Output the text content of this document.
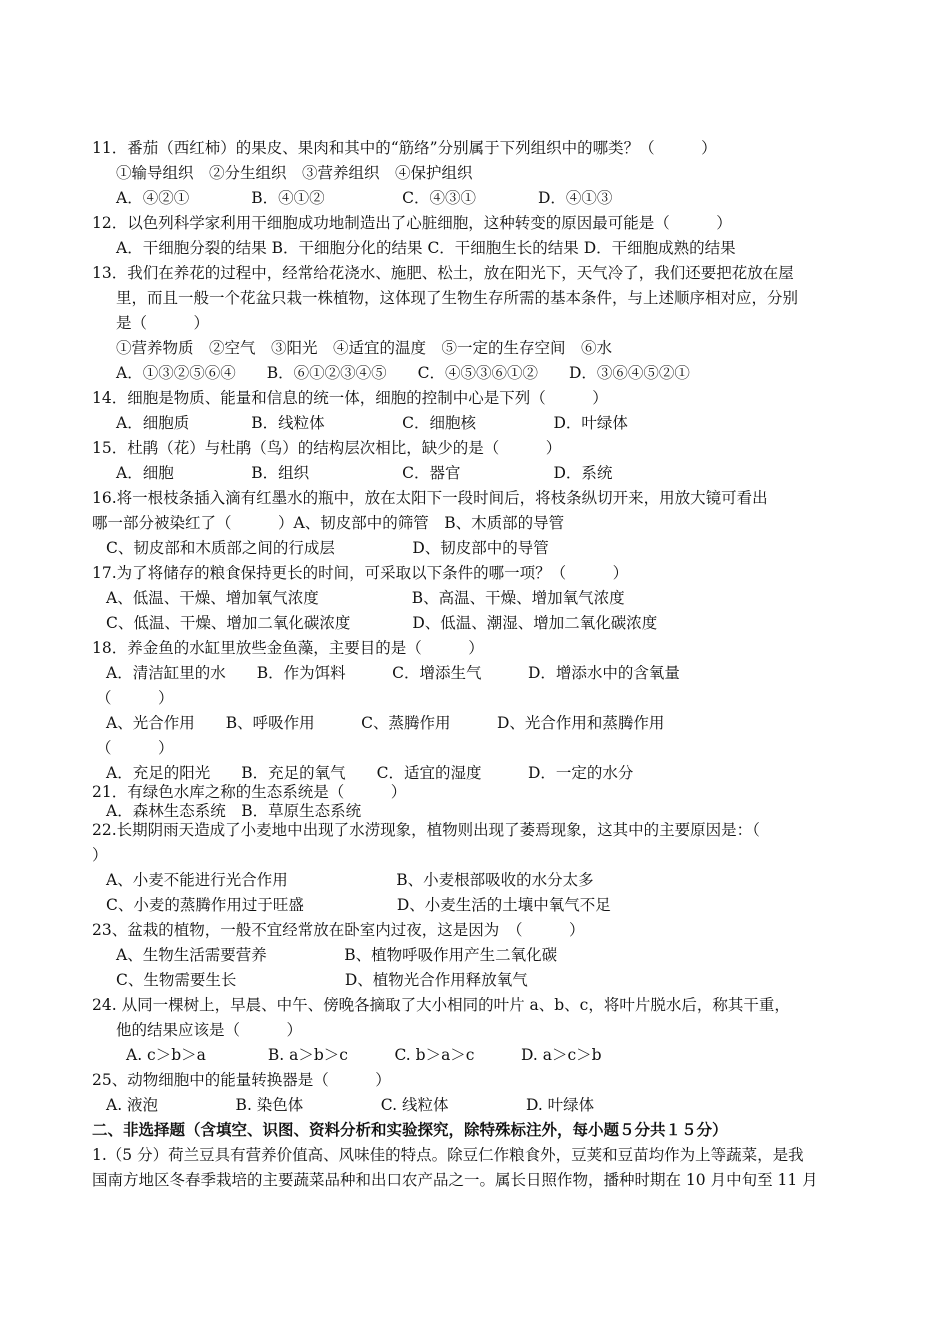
11．番茄（西红柿）的果皮、果肉和其中的“筋络”分别属于下列组织中的哪类？（　　　）
①输导组织　②分生组织　③营养组织　④保护组织
A．④②①　　　　B．④①②　　　　　C．④③①　　　　D．④①③
12．以色列科学家利用干细胞成功地制造出了心脏细胞，这种转变的原因最可能是（　　　）
A．干细胞分裂的结果 B．干细胞分化的结果 C．干细胞生长的结果 D．干细胞成熟的结果
13．我们在养花的过程中，经常给花浇水、施肥、松土，放在阳光下，天气冷了，我们还要把花放在屋
里，而且一般一个花盆只栽一株植物，这体现了生物生存所需的基本条件，与上述顺序相对应，分别
是（　　　）
①营养物质　②空气　③阳光　④适宜的温度　⑤一定的生存空间　⑥水
A．①③②⑤⑥④　　B．⑥①②③④⑤　　C．④⑤③⑥①②　　D．③⑥④⑤②①
14．细胞是物质、能量和信息的统一体，细胞的控制中心是下列（　　　）
A．细胞质　　　　B．线粒体　　　　　C．细胞核　　　　　D．叶绿体
15．杜鹃（花）与杜鹃（鸟）的结构层次相比，缺少的是（　　　）
A．细胞　　　　　B．组织　　　　　　C．器官　　　　　　D．系统
16.将一根枝条插入滴有红墨水的瓶中，放在太阳下一段时间后，将枝条纵切开来，用放大镜可看出
哪一部分被染红了（　　　）A、韧皮部中的筛管　B、木质部的导管
C、韧皮部和木质部之间的行成层　　　　　D、韧皮部中的导管
17.为了将储存的粮食保持更长的时间，可采取以下条件的哪一项？（　　　）
A、低温、干燥、增加氧气浓度　　　　　　B、高温、干燥、增加氧气浓度
C、低温、干燥、增加二氧化碳浓度　　　　D、低温、潮湿、增加二氧化碳浓度
18．养金鱼的水缸里放些金鱼藻，主要目的是（　　　）
A．清洁缸里的水　　B．作为饵料　　　C．增添生气　　　D．增添水中的含氧量
（　　　）
A、光合作用　　B、呼吸作用　　　C、蒸腾作用　　　D、光合作用和蒸腾作用
（　　　）
A．充足的阳光　　B．充足的氧气　　C．适宜的湿度　　　D．一定的水分
21．有绿色水库之称的生态系统是（　　　）
A．森林生态系统　B．草原生态系统
22.长期阴雨天造成了小麦地中出现了水涝现象，植物则出现了萎焉现象，这其中的主要原因是：（
）
A、小麦不能进行光合作用　　　　　　　B、小麦根部吸收的水分太多
C、小麦的蒸腾作用过于旺盛　　　　　　D、小麦生活的土壤中氧气不足
23、盆栽的植物，一般不宜经常放在卧室内过夜，这是因为　（　　　）
A、生物生活需要营养　　　　　B、植物呼吸作用产生二氧化碳
C、生物需要生长　　　　　　　D、植物光合作用释放氧气
24. 从同一棵树上，早晨、中午、傍晚各摘取了大小相同的叶片 a、b、c，将叶片脱水后，称其干重，
他的结果应该是（　　　）
A. c＞b＞a　　　　B. a＞b＞c　　　C. b＞a＞c　　　D. a＞c＞b
25、动物细胞中的能量转换器是（　　　）
A. 液泡　　　　　B. 染色体　　　　　C. 线粒体　　　　　D. 叶绿体
二、非选择题（含填空、识图、资料分析和实验探究，除特殊标注外，每小题５分共１５分）
1.（5 分）荷兰豆具有营养价值高、风味佳的特点。除豆仁作粮食外，豆荚和豆苗均作为上等蔬菜，是我
国南方地区冬春季栽培的主要蔬菜品种和出口农产品之一。属长日照作物，播种时期在 10 月中旬至 11 月
